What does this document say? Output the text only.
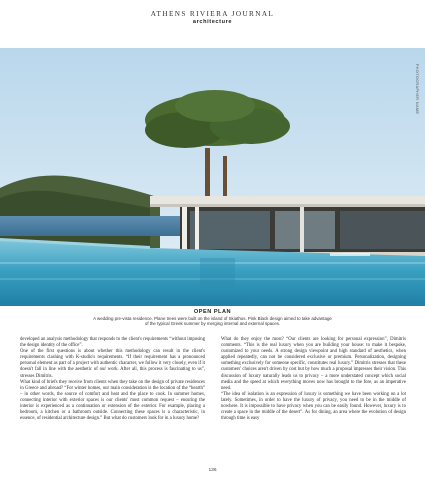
ATHENS RIVIERA JOURNAL
architecture
PHOTOGRAPHER NAME
OPEN PLAN
A wedding pre-vista residence. Plane trees were built on the island of Skiathos. Pink Black design aimed to take advantage
of the typical Greek summer by merging internal and external spaces.

developed an analysis methodology that responds to the client's requirements “without imposing the design identity of the office”.

One of the first questions is about whether this methodology can result in the client's requirements clashing with K-studio's requirements. “If their requirement has a pronounced personal element as part of a project with authentic character, we follow it very closely, even if it doesn't fall in line with the aesthetic of our work. After all, this process is fascinating to us”, stresses Dimitris.

What kind of briefs they receive from clients when they take on the design of private residences in Greece and abroad? “For winter homes, our main consideration is the location of the “hearth” – in other words, the source of comfort and heat and the place to cook. In summer homes, connecting interior with exterior spaces is our clients' most common request – ensuring the interior is experienced as a continuation or extension of the exterior. For example, placing a bedroom, a kitchen or a bathroom outside. Connecting these spaces is a characteristic, in essence, of residential architecture design.” But what do customers look for in a luxury home?

What do they enjoy the most? “Our clients are looking for personal expression”, Dimitris comments. “This is the real luxury when you are building your house: to make it bespoke, customized to your needs. A strong design viewpoint and high standard of aesthetics, when applied repeatedly, can not be considered exclusive or premium. Personalization, designing something exclusively for someone specific, constitutes real luxury.” Dimitris stresses that these customers' choices aren't driven by cost but by how much a proposal impresses their vision. This discussion of luxury naturally leads us to privacy – a more understated concept which social media and the speed at which everything moves now has brought to the fore, as an imperative need.

“The idea of isolation is an expression of luxury is something we have been working on a lot lately. Sometimes, in order to have the luxury of privacy, you need to be in the middle of nowhere. It is impossible to have privacy when you can be easily found. However, luxury is to create a space in the middle of the desert”. As for dining, an area where the evolution of design through time is easy

136
